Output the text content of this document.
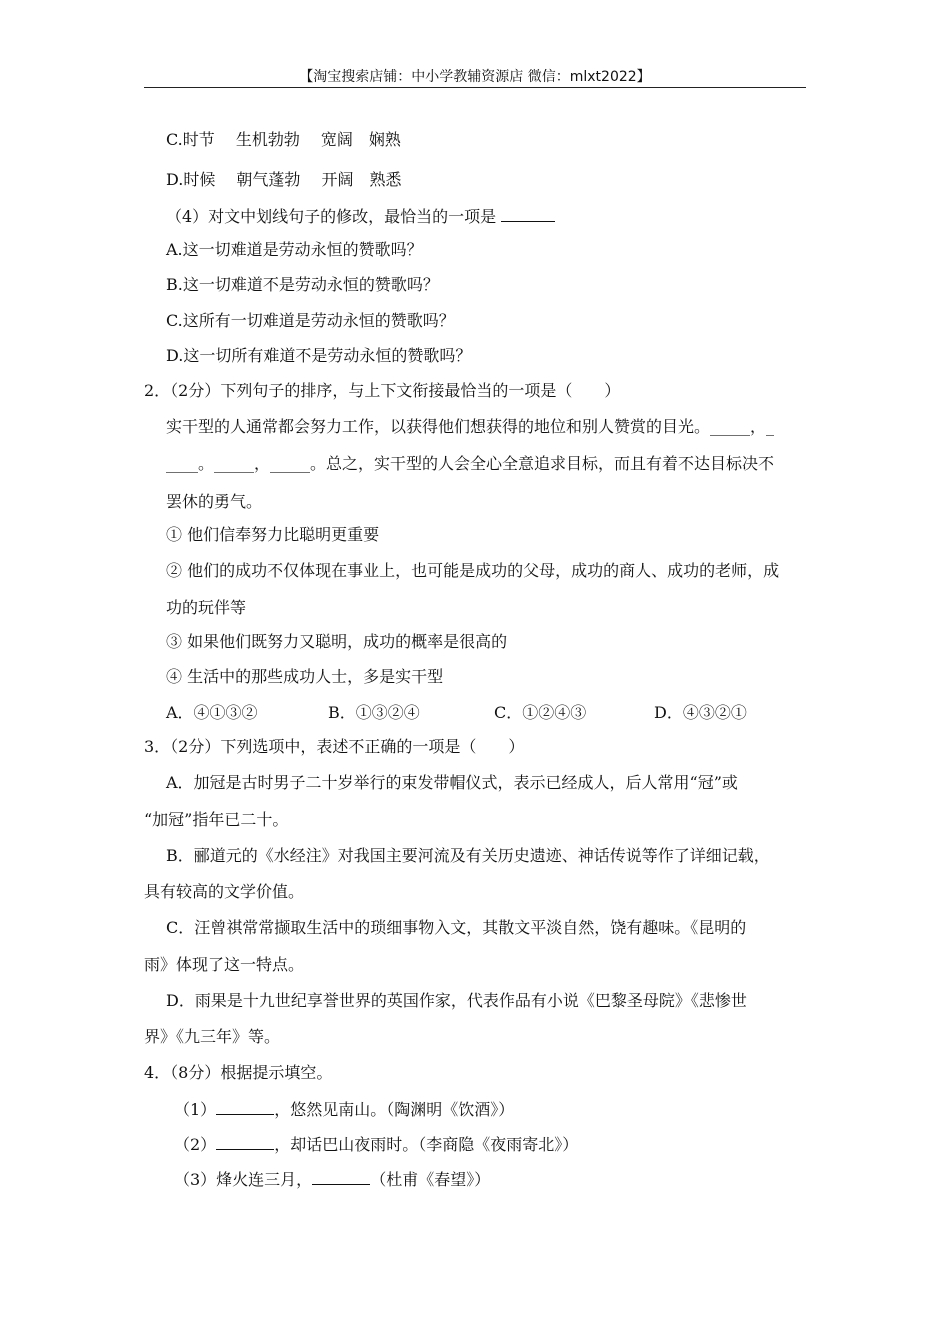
【淘宝搜索店铺：中小学教辅资源店 微信：mlxt2022】
C.时节　 生机勃勃　 宽阔　娴熟
D.时候　 朝气蓬勃　 开阔　熟悉
（4）对文中划线句子的修改，最恰当的一项是
A.这一切难道是劳动永恒的赞歌吗？
B.这一切难道不是劳动永恒的赞歌吗？
C.这所有一切难道是劳动永恒的赞歌吗？
D.这一切所有难道不是劳动永恒的赞歌吗？
2．（2分）下列句子的排序，与上下文衔接最恰当的一项是（　　）
实干型的人通常都会努力工作，以获得他们想获得的地位和别人赞赏的目光。_____，_
____。_____，_____。总之，实干型的人会全心全意追求目标，而且有着不达目标决不
罢休的勇气。
① 他们信奉努力比聪明更重要
② 他们的成功不仅体现在事业上，也可能是成功的父母，成功的商人、成功的老师，成
功的玩伴等
③ 如果他们既努力又聪明，成功的概率是很高的
④ 生活中的那些成功人士，多是实干型
A．④①③②	B．①③②④	C．①②④③	D．④③②①
3．（2分）下列选项中，表述不正确的一项是（　　）
A．加冠是古时男子二十岁举行的束发带帽仪式，表示已经成人，后人常用“冠”或
“加冠”指年已二十。
B．郦道元的《水经注》对我国主要河流及有关历史遗迹、神话传说等作了详细记载，
具有较高的文学价值。
C．汪曾祺常常撷取生活中的琐细事物入文，其散文平淡自然，饶有趣味。《昆明的
雨》体现了这一特点。
D．雨果是十九世纪享誉世界的英国作家，代表作品有小说《巴黎圣母院》《悲惨世
界》《九三年》等。
4．（8分）根据提示填空。
（1）	，悠然见南山。（陶渊明《饮酒》）
（2）	，却话巴山夜雨时。（李商隐《夜雨寄北》）
（3）烽火连三月，	（杜甫《春望》）
